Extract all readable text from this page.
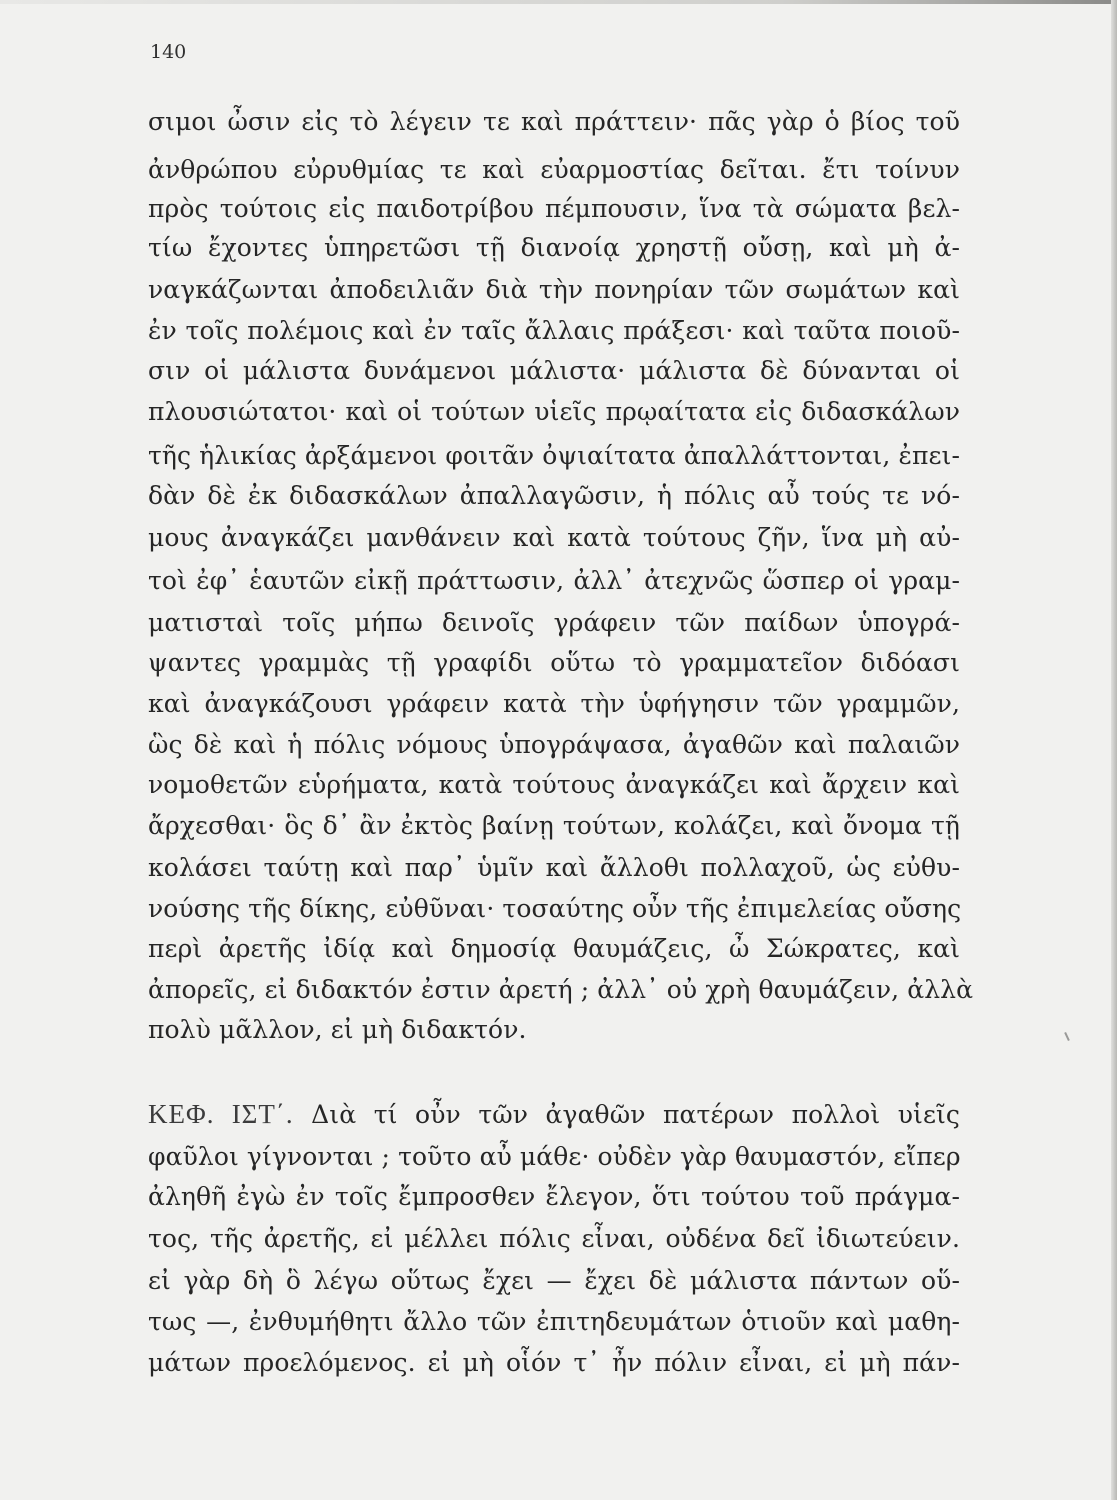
140
σιμοι ὦσιν εἰς τὸ λέγειν τε καὶ πράττειν· πᾶς γὰρ ὁ βίος τοῦ
ἀνθρώπου εὐρυθμίας τε καὶ εὐαρμοστίας δεῖται. ἔτι τοίνυν
πρὸς τούτοις εἰς παιδοτρίβου πέμπουσιν, ἵνα τὰ σώματα βελ-
τίω ἔχοντες ὑπηρετῶσι τῇ διανοίᾳ χρηστῇ οὔσῃ, καὶ μὴ ἀ-
ναγκάζωνται ἀποδειλιᾶν διὰ τὴν πονηρίαν τῶν σωμάτων καὶ
ἐν τοῖς πολέμοις καὶ ἐν ταῖς ἄλλαις πράξεσι· καὶ ταῦτα ποιοῦ-
σιν οἱ μάλιστα δυνάμενοι μάλιστα· μάλιστα δὲ δύνανται οἱ
πλουσιώτατοι· καὶ οἱ τούτων υἱεῖς πρῳαίτατα εἰς διδασκάλων
τῆς ἡλικίας ἀρξάμενοι φοιτᾶν ὀψιαίτατα ἀπαλλάττονται, ἐπει-
δὰν δὲ ἐκ διδασκάλων ἀπαλλαγῶσιν, ἡ πόλις αὖ τούς τε νό-
μους ἀναγκάζει μανθάνειν καὶ κατὰ τούτους ζῆν, ἵνα μὴ αὐ-
τοὶ ἐφ᾽ ἑαυτῶν εἰκῇ πράττωσιν, ἀλλ᾽ ἀτεχνῶς ὥσπερ οἱ γραμ-
ματισταὶ τοῖς μήπω δεινοῖς γράφειν τῶν παίδων ὑπογρά-
ψαντες γραμμὰς τῇ γραφίδι οὕτω τὸ γραμματεῖον διδόασι
καὶ ἀναγκάζουσι γράφειν κατὰ τὴν ὑφήγησιν τῶν γραμμῶν,
ὣς δὲ καὶ ἡ πόλις νόμους ὑπογράψασα, ἀγαθῶν καὶ παλαιῶν
νομοθετῶν εὑρήματα, κατὰ τούτους ἀναγκάζει καὶ ἄρχειν καὶ
ἄρχεσθαι· ὃς δ᾽ ἂν ἐκτὸς βαίνῃ τούτων, κολάζει, καὶ ὄνομα τῇ
κολάσει ταύτῃ καὶ παρ᾽ ὑμῖν καὶ ἄλλοθι πολλαχοῦ, ὡς εὐθυ-
νούσης τῆς δίκης, εὐθῦναι· τοσαύτης οὖν τῆς ἐπιμελείας οὔσης
περὶ ἀρετῆς ἰδίᾳ καὶ δημοσίᾳ θαυμάζεις, ὦ Σώκρατες, καὶ
ἀπορεῖς, εἰ διδακτόν ἐστιν ἀρετή ; ἀλλ᾽ οὐ χρὴ θαυμάζειν, ἀλλὰ
πολὺ μᾶλλον, εἰ μὴ διδακτόν.
ΚΕΦ. ΙΣΤ΄. Διὰ τί οὖν τῶν ἀγαθῶν πατέρων πολλοὶ υἱεῖς
φαῦλοι γίγνονται ; τοῦτο αὖ μάθε· οὐδὲν γὰρ θαυμαστόν, εἴπερ
ἀληθῆ ἐγὼ ἐν τοῖς ἔμπροσθεν ἔλεγον, ὅτι τούτου τοῦ πράγμα-
τος, τῆς ἀρετῆς, εἰ μέλλει πόλις εἶναι, οὐδένα δεῖ ἰδιωτεύειν.
εἰ γὰρ δὴ ὃ λέγω οὕτως ἔχει — ἔχει δὲ μάλιστα πάντων οὕ-
τως —, ἐνθυμήθητι ἄλλο τῶν ἐπιτηδευμάτων ὁτιοῦν καὶ μαθη-
μάτων προελόμενος. εἰ μὴ οἷόν τ᾽ ἦν πόλιν εἶναι, εἰ μὴ πάν-
